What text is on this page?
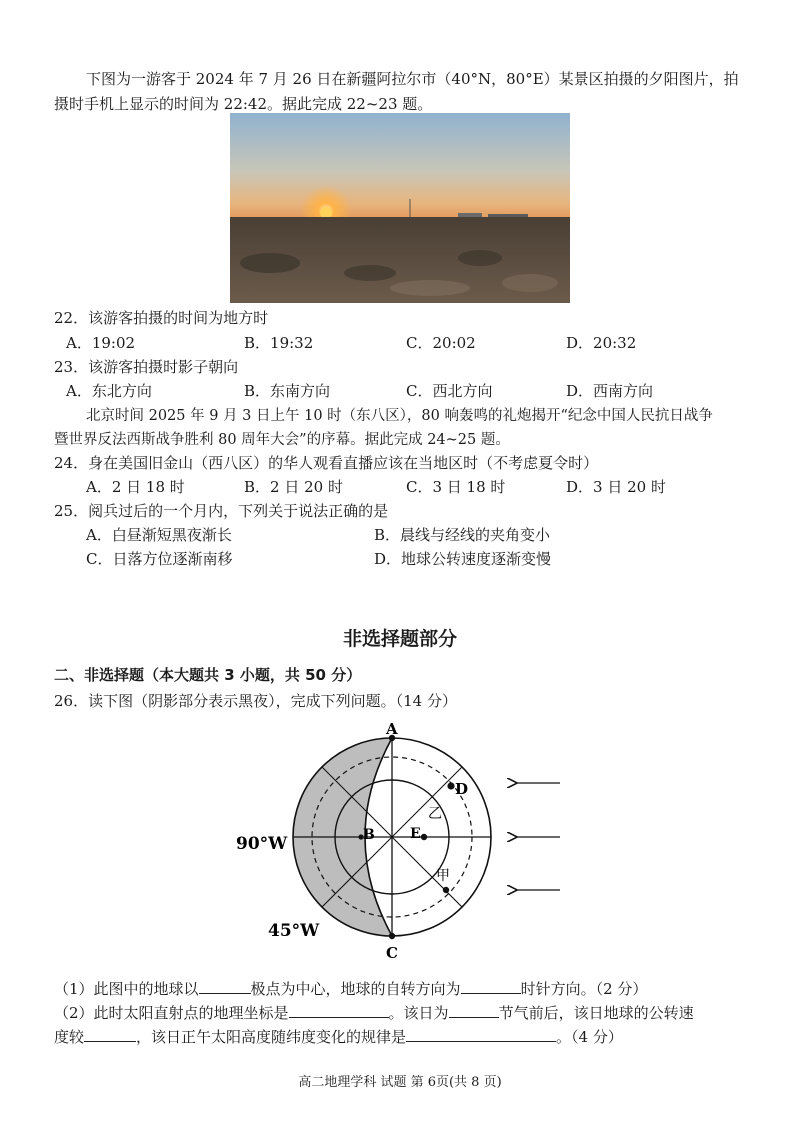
下图为一游客于 2024 年 7 月 26 日在新疆阿拉尔市（40°N，80°E）某景区拍摄的夕阳图片，拍
摄时手机上显示的时间为 22:42。据此完成 22~23 题。
22．该游客拍摄的时间为地方时
A．19:02	B．19:32	C．20:02	D．20:32
23．该游客拍摄时影子朝向
A．东北方向	B．东南方向	C．西北方向	D．西南方向
北京时间 2025 年 9 月 3 日上午 10 时（东八区），80 响轰鸣的礼炮揭开“纪念中国人民抗日战争
暨世界反法西斯战争胜利 80 周年大会”的序幕。据此完成 24~25 题。
24．身在美国旧金山（西八区）的华人观看直播应该在当地区时（不考虑夏令时）
A．2 日 18 时	B．2 日 20 时	C．3 日 18 时	D．3 日 20 时
25．阅兵过后的一个月内，下列关于说法正确的是
A．白昼渐短黑夜渐长	B．晨线与经线的夹角变小
C．日落方位逐渐南移	D．地球公转速度逐渐变慢
非选择题部分
二、非选择题（本大题共 3 小题，共 50 分）
26．读下图（阴影部分表示黑夜），完成下列问题。（14 分）
A
C
D
E
B
乙
甲
90°W
45°W
（1）此图中的地球以	极点为中心，地球的自转方向为	时针方向。（2 分）
（2）此时太阳直射点的地理坐标是	。该日为	节气前后，该日地球的公转速
度较	，该日正午太阳高度随纬度变化的规律是	。（4 分）
高二地理学科 试题 第 6页(共 8 页)
